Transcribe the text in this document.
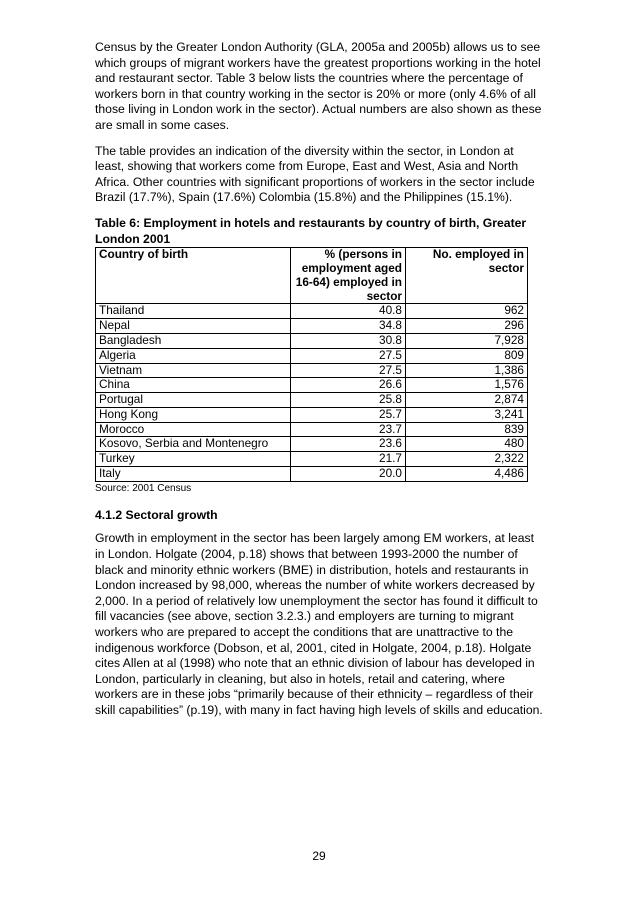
Census by the Greater London Authority (GLA, 2005a and 2005b) allows us to see which groups of migrant workers have the greatest proportions working in the hotel and restaurant sector. Table 3 below lists the countries where the percentage of workers born in that country working in the sector is 20% or more (only 4.6% of all those living in London work in the sector). Actual numbers are also shown as these are small in some cases.

The table provides an indication of the diversity within the sector, in London at least, showing that workers come from Europe, East and West, Asia and North Africa. Other countries with significant proportions of workers in the sector include Brazil (17.7%), Spain (17.6%) Colombia (15.8%) and the Philippines (15.1%).

Table 6: Employment in hotels and restaurants by country of birth, Greater London 2001
Country of birth	% (persons in employment aged 16-64) employed in sector	No. employed in sector
Thailand	40.8	962
Nepal	34.8	296
Bangladesh	30.8	7,928
Algeria	27.5	809
Vietnam	27.5	1,386
China	26.6	1,576
Portugal	25.8	2,874
Hong Kong	25.7	3,241
Morocco	23.7	839
Kosovo, Serbia and Montenegro	23.6	480
Turkey	21.7	2,322
Italy	20.0	4,486
Source: 2001 Census
4.1.2 Sectoral growth

Growth in employment in the sector has been largely among EM workers, at least in London. Holgate (2004, p.18) shows that between 1993-2000 the number of black and minority ethnic workers (BME) in distribution, hotels and restaurants in London increased by 98,000, whereas the number of white workers decreased by 2,000. In a period of relatively low unemployment the sector has found it difficult to fill vacancies (see above, section 3.2.3.) and employers are turning to migrant workers who are prepared to accept the conditions that are unattractive to the indigenous workforce (Dobson, et al, 2001, cited in Holgate, 2004, p.18). Holgate cites Allen at al (1998) who note that an ethnic division of labour has developed in London, particularly in cleaning, but also in hotels, retail and catering, where workers are in these jobs “primarily because of their ethnicity – regardless of their skill capabilities” (p.19), with many in fact having high levels of skills and education.

29
